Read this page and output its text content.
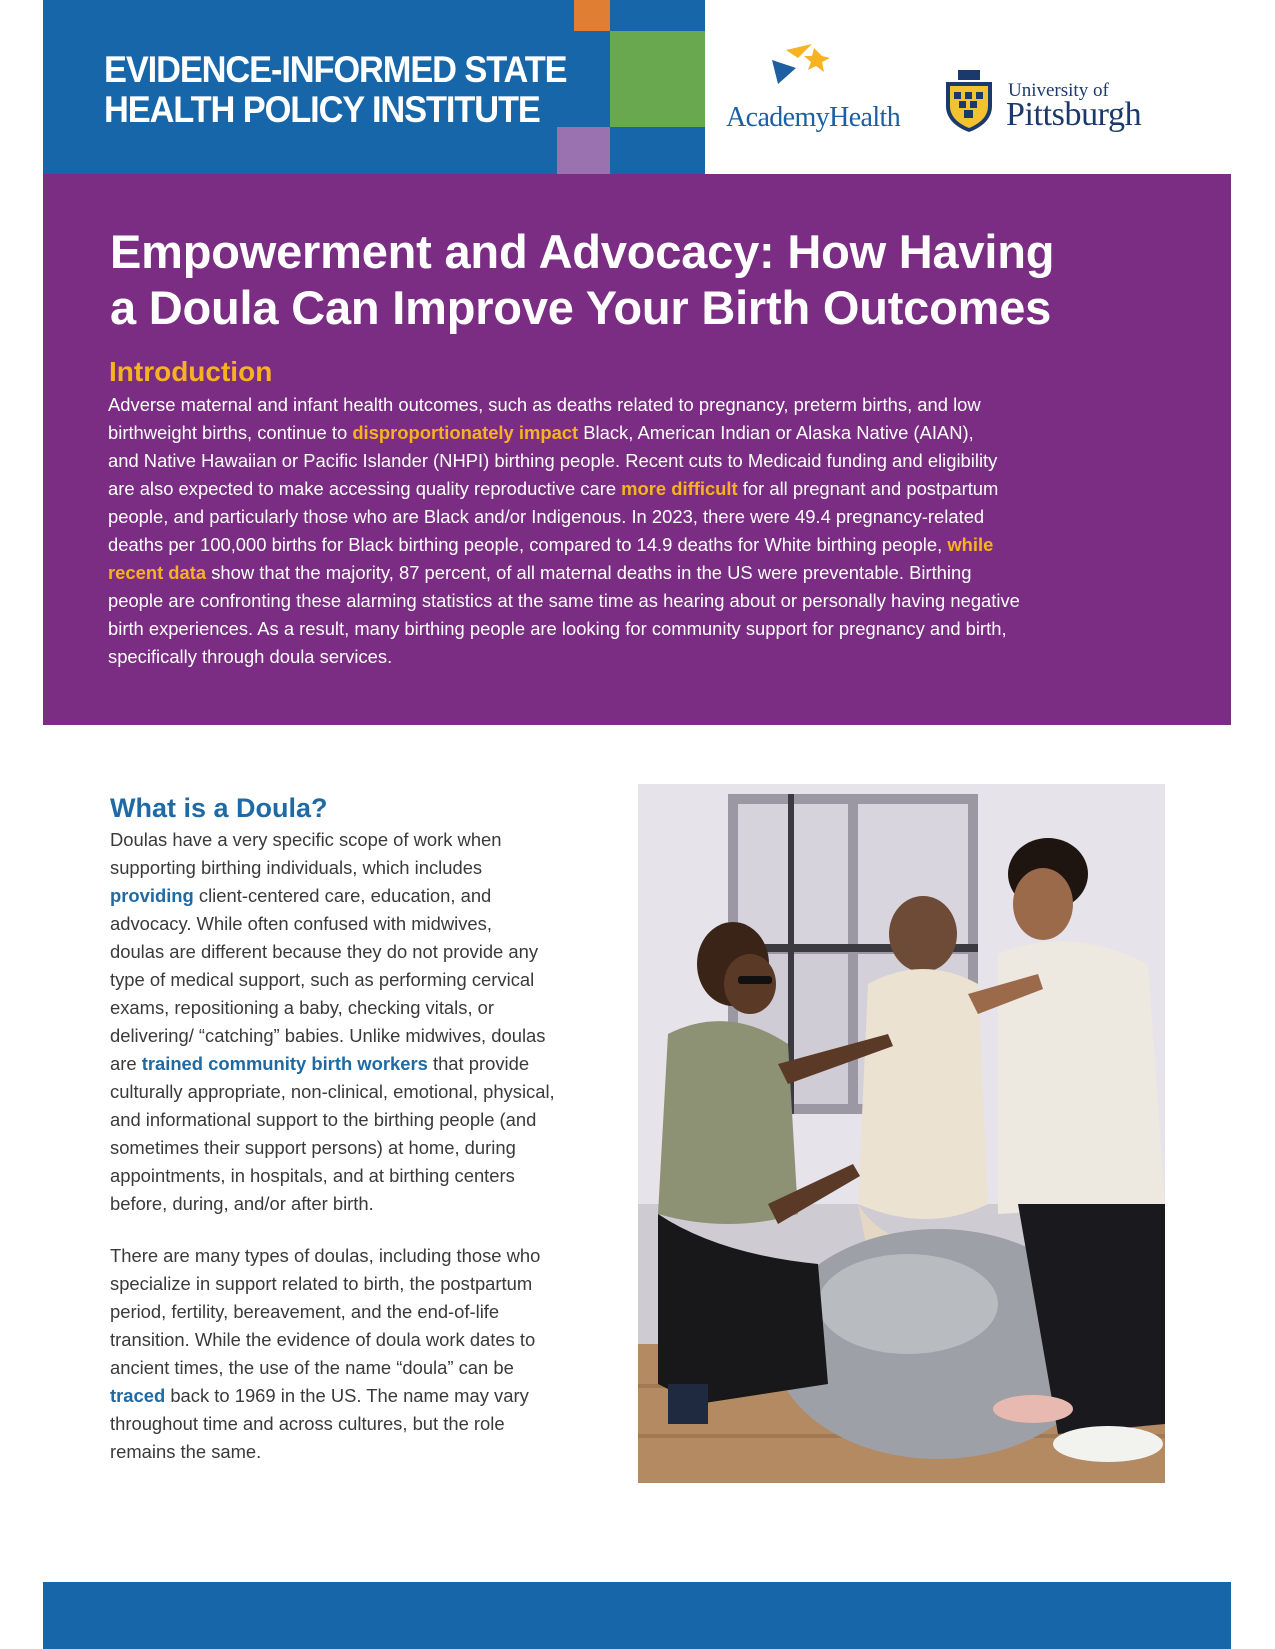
EVIDENCE-INFORMED STATE
HEALTH POLICY INSTITUTE	AcademyHealth
University of
Pittsburgh
Empowerment and Advocacy: How Having
a Doula Can Improve Your Birth Outcomes
Introduction
Adverse maternal and infant health outcomes, such as deaths related to pregnancy, preterm births, and low
birthweight births, continue to disproportionately impact Black, American Indian or Alaska Native (AIAN),
and Native Hawaiian or Pacific Islander (NHPI) birthing people. Recent cuts to Medicaid funding and eligibility
are also expected to make accessing quality reproductive care more difficult for all pregnant and postpartum
people, and particularly those who are Black and/or Indigenous. In 2023, there were 49.4 pregnancy-related
deaths per 100,000 births for Black birthing people, compared to 14.9 deaths for White birthing people, while
recent data show that the majority, 87 percent, of all maternal deaths in the US were preventable. Birthing
people are confronting these alarming statistics at the same time as hearing about or personally having negative
birth experiences. As a result, many birthing people are looking for community support for pregnancy and birth,
specifically through doula services.
What is a Doula?
Doulas have a very specific scope of work when
supporting birthing individuals, which includes
providing client-centered care, education, and
advocacy. While often confused with midwives,
doulas are different because they do not provide any
type of medical support, such as performing cervical
exams, repositioning a baby, checking vitals, or
delivering/ “catching” babies. Unlike midwives, doulas
are trained community birth workers that provide
culturally appropriate, non-clinical, emotional, physical,
and informational support to the birthing people (and
sometimes their support persons) at home, during
appointments, in hospitals, and at birthing centers
before, during, and/or after birth.
There are many types of doulas, including those who
specialize in support related to birth, the postpartum
period, fertility, bereavement, and the end-of-life
transition. While the evidence of doula work dates to
ancient times, the use of the name “doula” can be
traced back to 1969 in the US. The name may vary
throughout time and across cultures, but the role
remains the same.
